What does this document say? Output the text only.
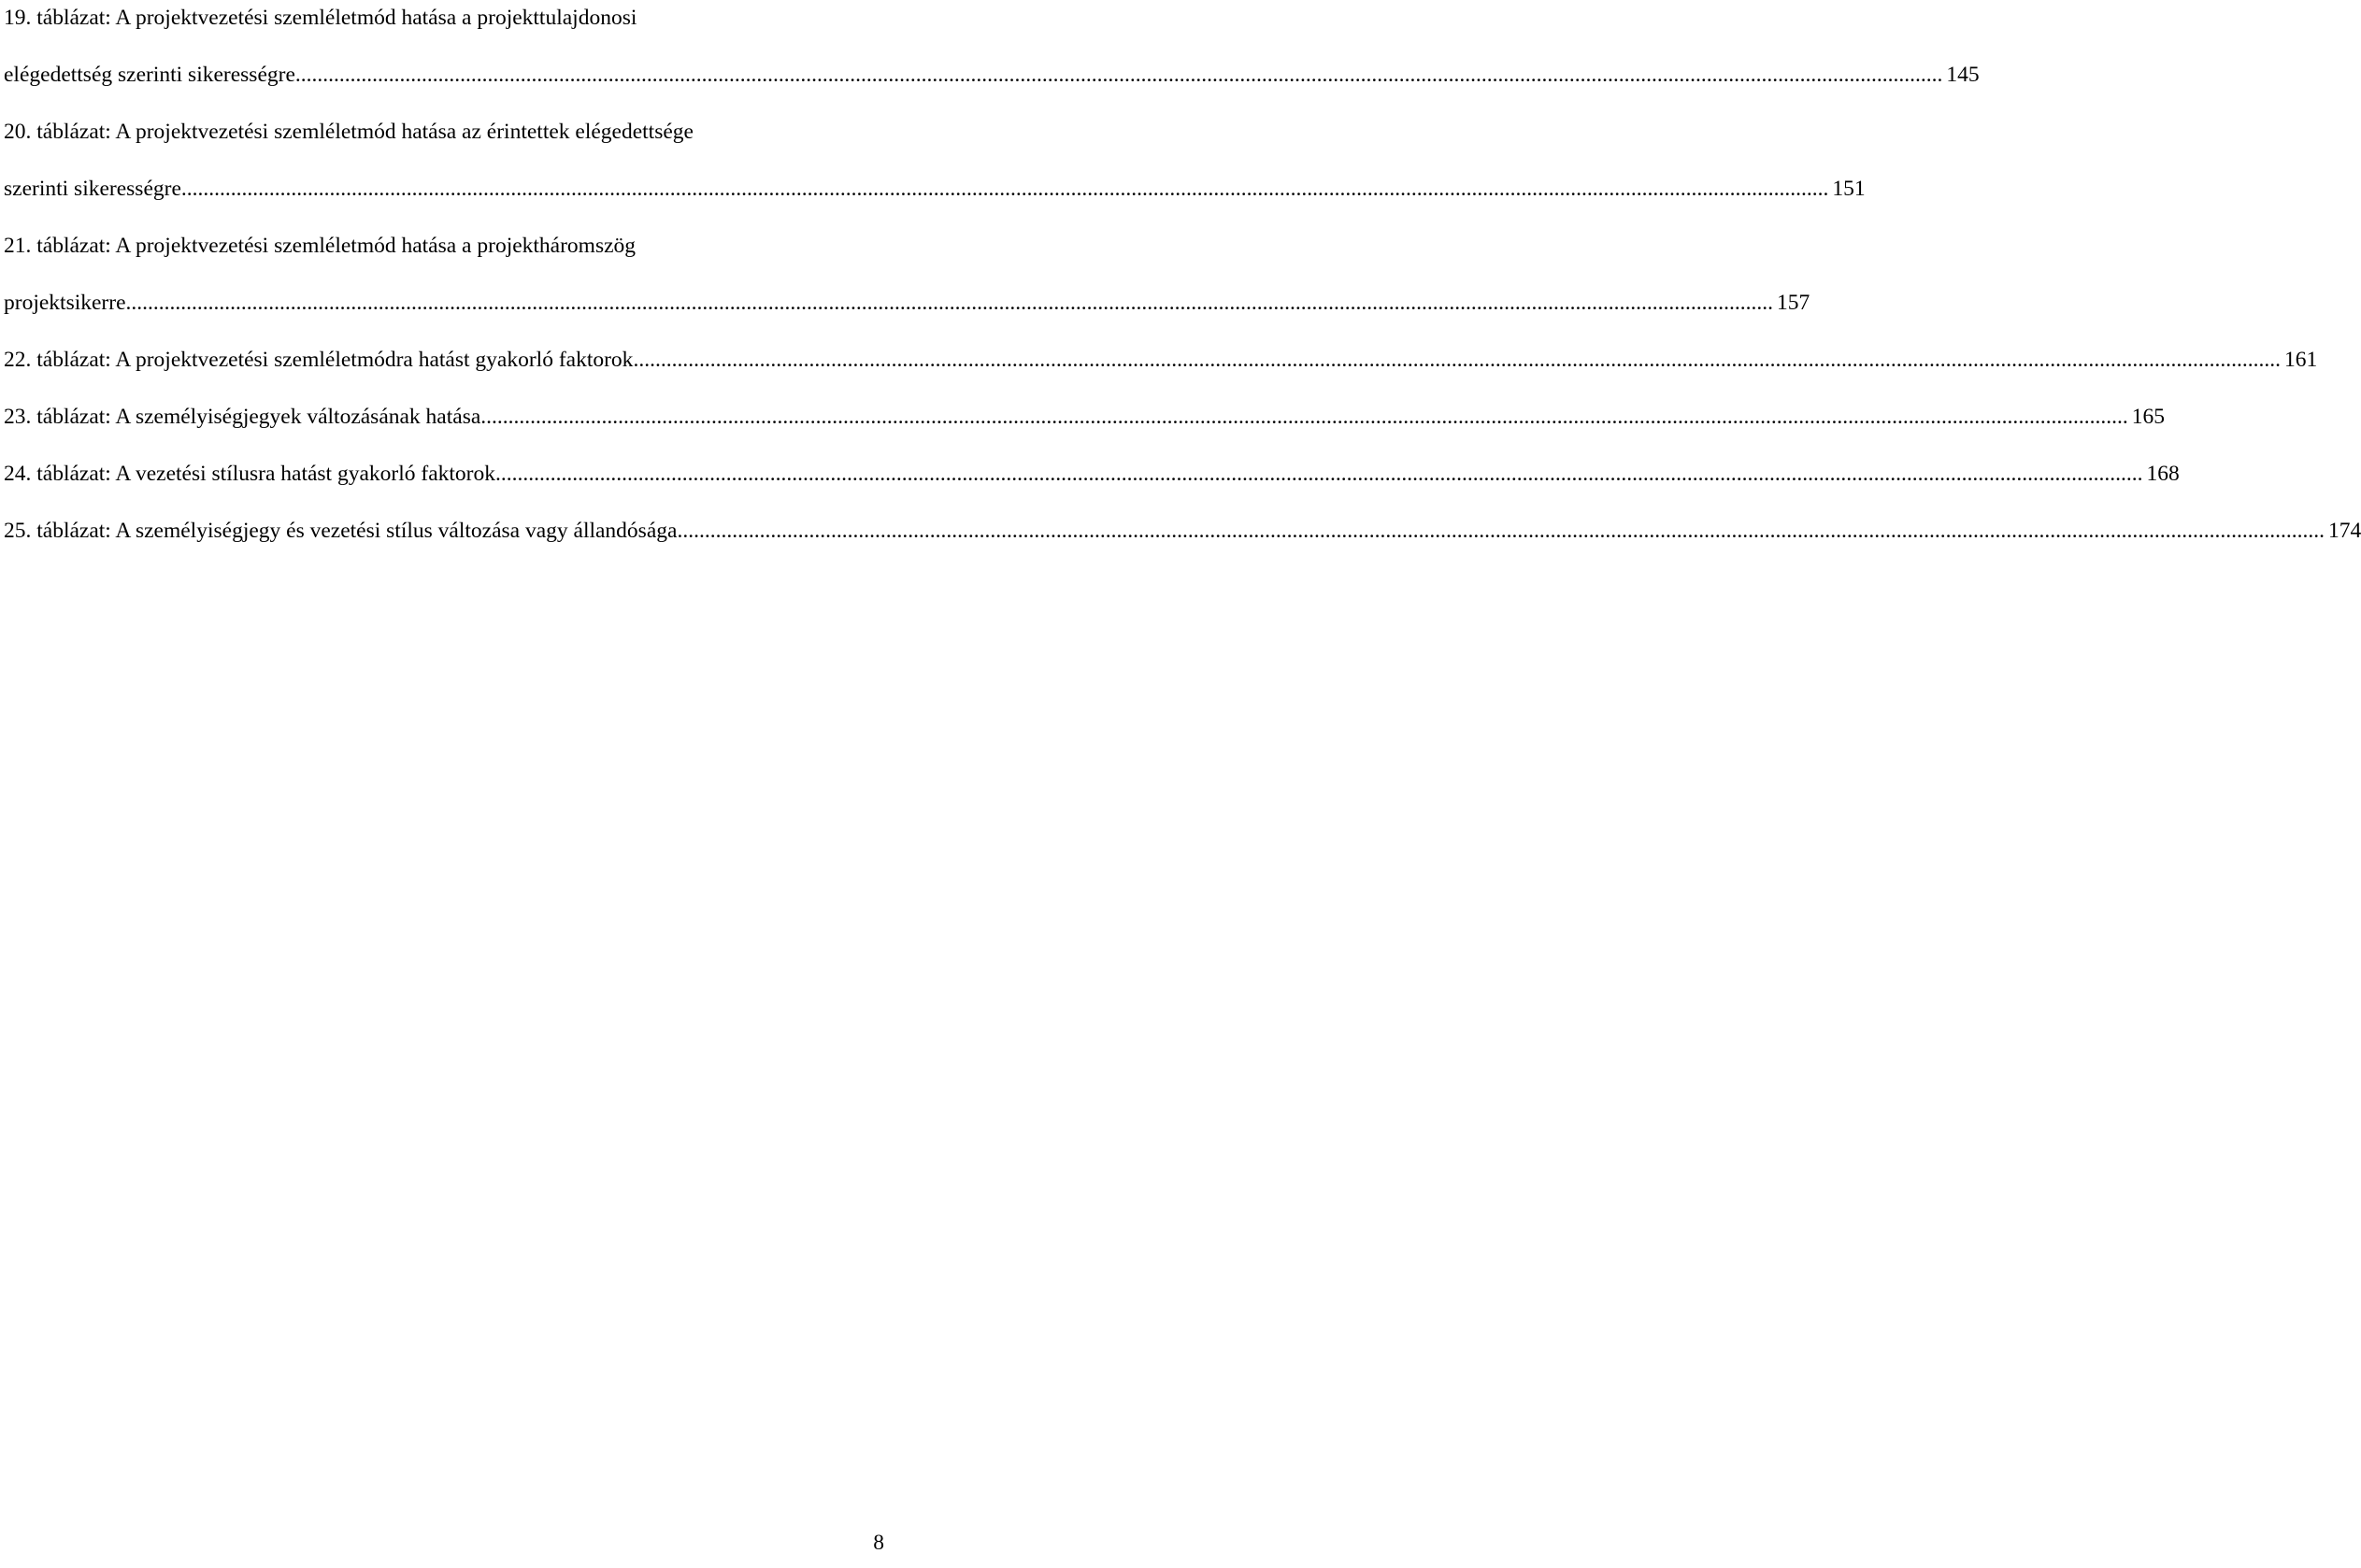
19. táblázat: A projektvezetési szemléletmód hatása a projekttulajdonosi
elégedettség szerinti sikerességre ............................................................................................................................................................................................................................................................................................................ 145
20. táblázat: A projektvezetési szemléletmód hatása az érintettek elégedettsége
szerinti sikerességre ............................................................................................................................................................................................................................................................................................................ 151
21. táblázat: A projektvezetési szemléletmód hatása a projektháromszög
projektsikerre ............................................................................................................................................................................................................................................................................................................ 157
22. táblázat: A projektvezetési szemléletmódra hatást gyakorló faktorok ............................................................................................................................................................................................................................................................................................................ 161
23. táblázat: A személyiségjegyek változásának hatása ............................................................................................................................................................................................................................................................................................................ 165
24. táblázat: A vezetési stílusra hatást gyakorló faktorok ............................................................................................................................................................................................................................................................................................................ 168
25. táblázat: A személyiségjegy és vezetési stílus változása vagy állandósága ............................................................................................................................................................................................................................................................................................................ 174
8
